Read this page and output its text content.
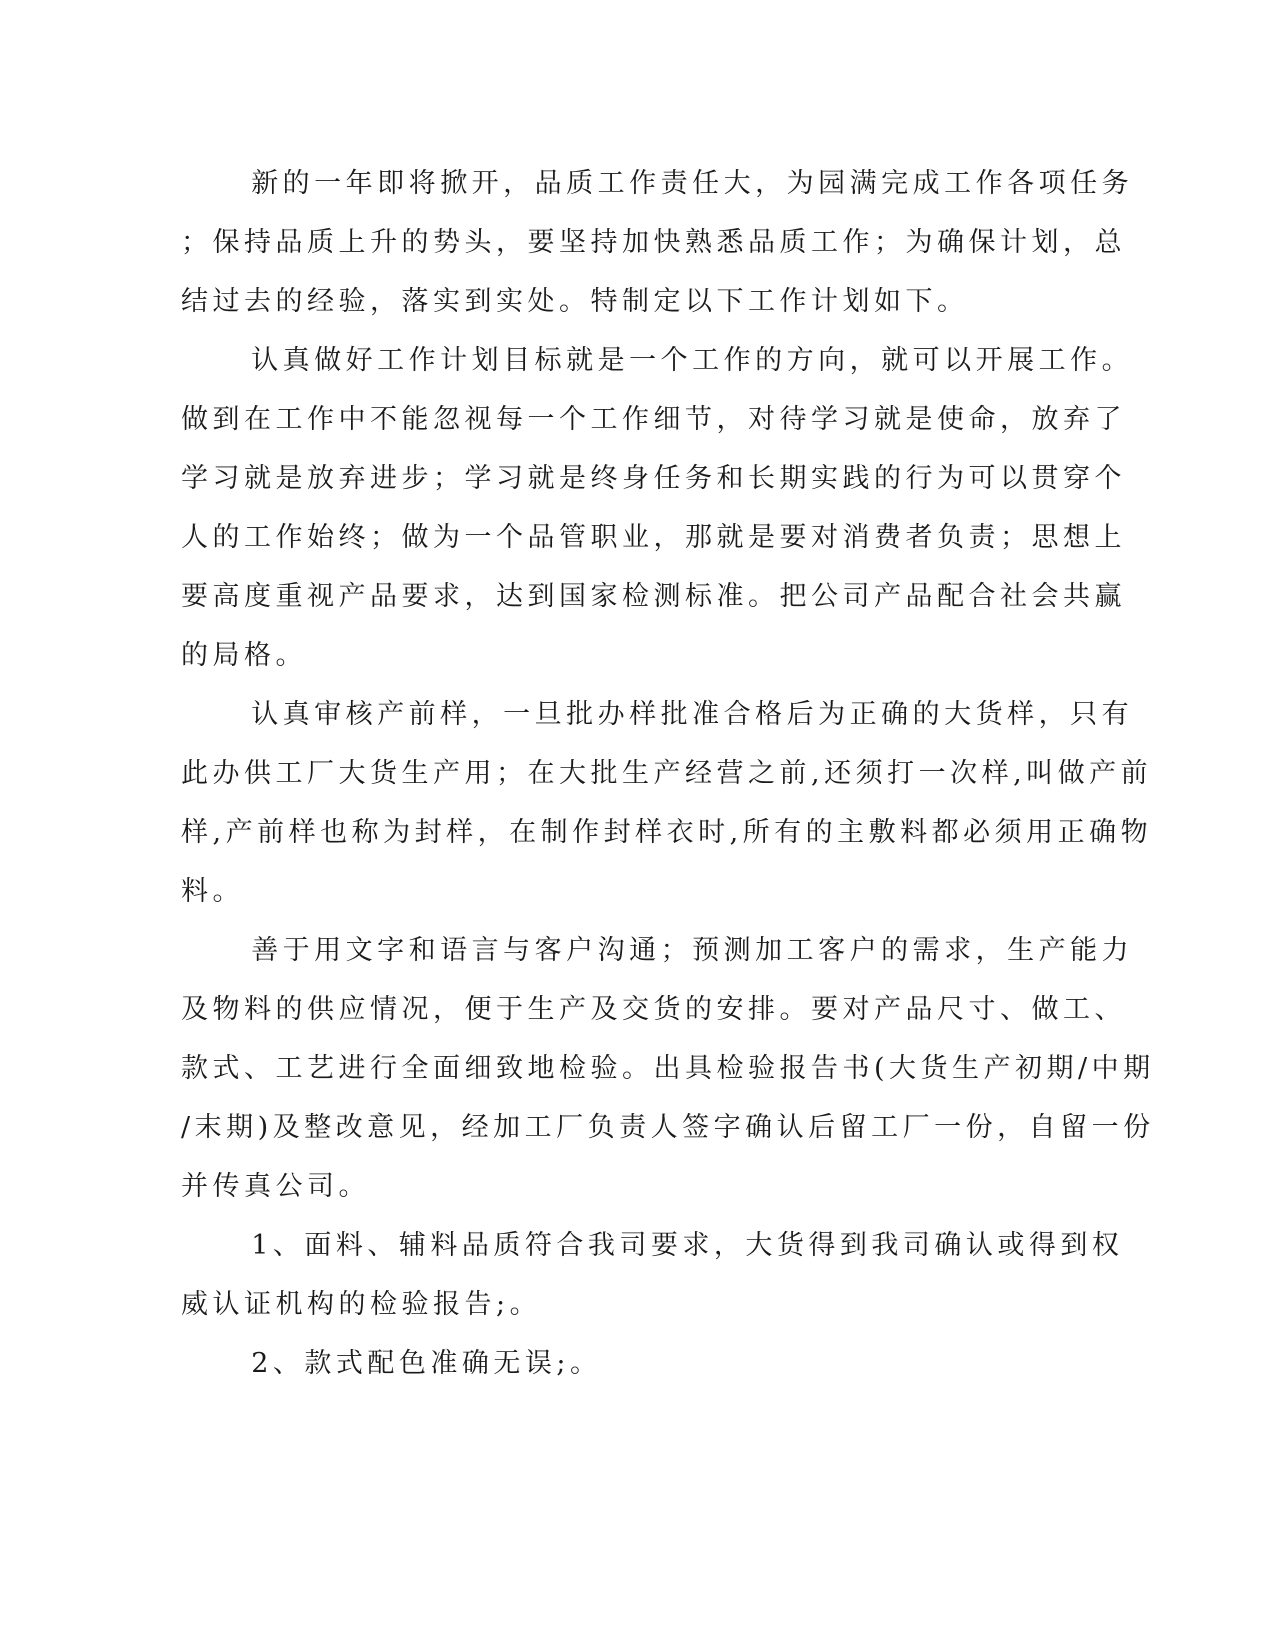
新的一年即将掀开，品质工作责任大，为园满完成工作各项任务
；保持品质上升的势头，要坚持加快熟悉品质工作；为确保计划，总
结过去的经验，落实到实处。特制定以下工作计划如下。

认真做好工作计划目标就是一个工作的方向，就可以开展工作。
做到在工作中不能忽视每一个工作细节，对待学习就是使命，放弃了
学习就是放弃进步；学习就是终身任务和长期实践的行为可以贯穿个
人的工作始终；做为一个品管职业，那就是要对消费者负责；思想上
要高度重视产品要求，达到国家检测标准。把公司产品配合社会共赢
的局格。

认真审核产前样，一旦批办样批准合格后为正确的大货样，只有
此办供工厂大货生产用；在大批生产经营之前,还须打一次样,叫做产前
样,产前样也称为封样，在制作封样衣时,所有的主敷料都必须用正确物
料。

善于用文字和语言与客户沟通；预测加工客户的需求，生产能力
及物料的供应情况，便于生产及交货的安排。要对产品尺寸、做工、
款式、工艺进行全面细致地检验。出具检验报告书(大货生产初期/中期
/末期)及整改意见，经加工厂负责人签字确认后留工厂一份，自留一份
并传真公司。

1、面料、辅料品质符合我司要求，大货得到我司确认或得到权
威认证机构的检验报告;。

2、款式配色准确无误;。
